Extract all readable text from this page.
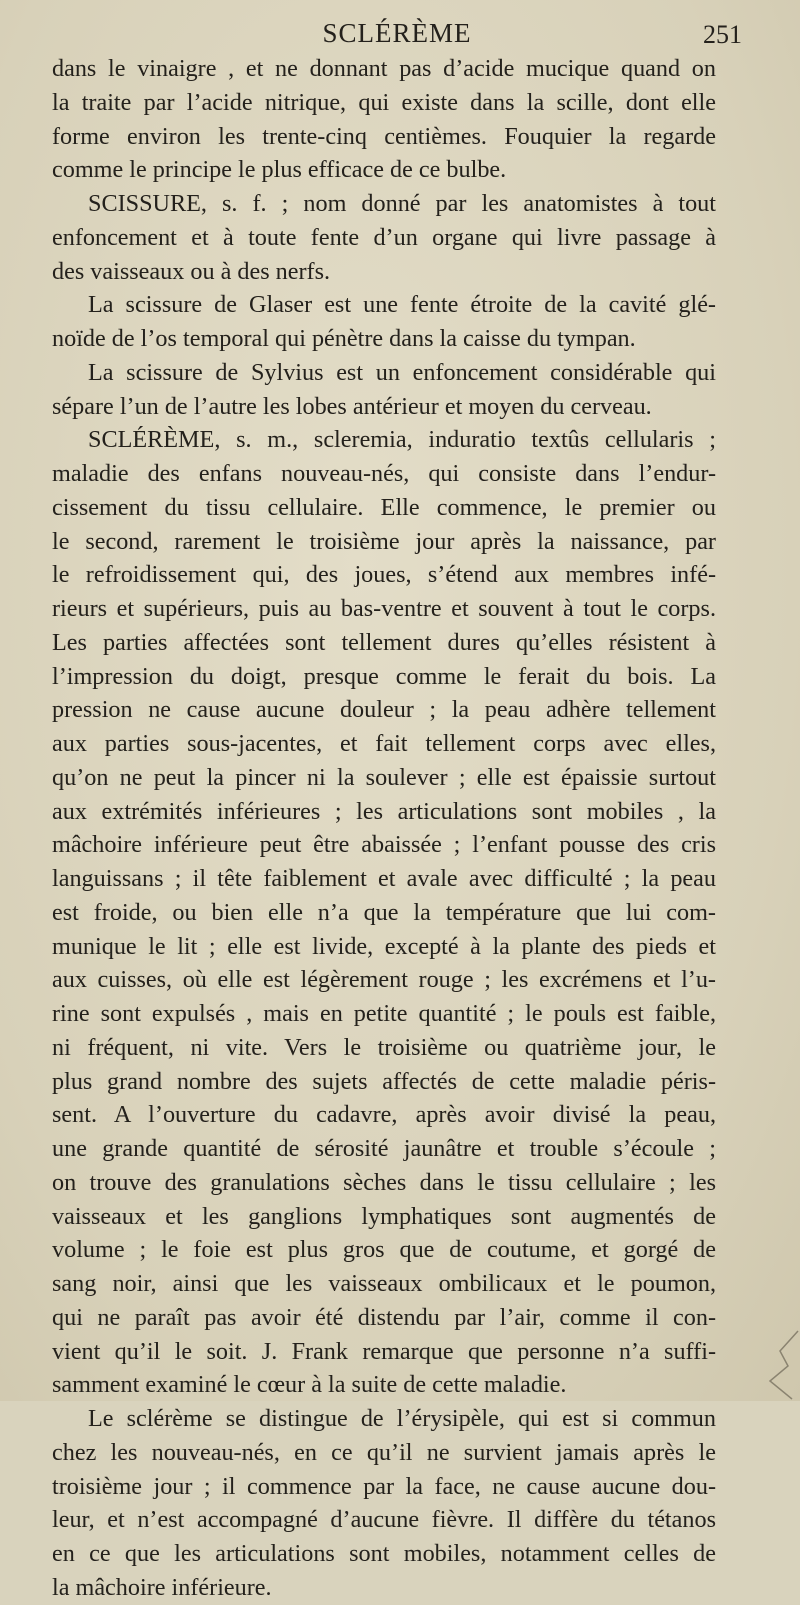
SCLÉRÈME	251
dans le vinaigre , et ne donnant pas d’acide mucique quand on
la traite par l’acide nitrique, qui existe dans la scille, dont elle
forme environ les trente-cinq centièmes. Fouquier la regarde
comme le principe le plus efficace de ce bulbe.
SCISSURE, s. f. ; nom donné par les anatomistes à tout
enfoncement et à toute fente d’un organe qui livre passage à
des vaisseaux ou à des nerfs.
La scissure de Glaser est une fente étroite de la cavité glé-
noïde de l’os temporal qui pénètre dans la caisse du tympan.
La scissure de Sylvius est un enfoncement considérable qui
sépare l’un de l’autre les lobes antérieur et moyen du cerveau.
SCLÉRÈME, s. m., scleremia, induratio textûs cellularis ;
maladie des enfans nouveau-nés, qui consiste dans l’endur-
cissement du tissu cellulaire. Elle commence, le premier ou
le second, rarement le troisième jour après la naissance, par
le refroidissement qui, des joues, s’étend aux membres infé-
rieurs et supérieurs, puis au bas-ventre et souvent à tout le corps.
Les parties affectées sont tellement dures qu’elles résistent à
l’impression du doigt, presque comme le ferait du bois. La
pression ne cause aucune douleur ; la peau adhère tellement
aux parties sous-jacentes, et fait tellement corps avec elles,
qu’on ne peut la pincer ni la soulever ; elle est épaissie surtout
aux extrémités inférieures ; les articulations sont mobiles , la
mâchoire inférieure peut être abaissée ; l’enfant pousse des cris
languissans ; il tête faiblement et avale avec difficulté ; la peau
est froide, ou bien elle n’a que la température que lui com-
munique le lit ; elle est livide, excepté à la plante des pieds et
aux cuisses, où elle est légèrement rouge ; les excrémens et l’u-
rine sont expulsés , mais en petite quantité ; le pouls est faible,
ni fréquent, ni vite. Vers le troisième ou quatrième jour, le
plus grand nombre des sujets affectés de cette maladie péris-
sent. A l’ouverture du cadavre, après avoir divisé la peau,
une grande quantité de sérosité jaunâtre et trouble s’écoule ;
on trouve des granulations sèches dans le tissu cellulaire ; les
vaisseaux et les ganglions lymphatiques sont augmentés de
volume ; le foie est plus gros que de coutume, et gorgé de
sang noir, ainsi que les vaisseaux ombilicaux et le poumon,
qui ne paraît pas avoir été distendu par l’air, comme il con-
vient qu’il le soit. J. Frank remarque que personne n’a suffi-
samment examiné le cœur à la suite de cette maladie.
Le sclérème se distingue de l’érysipèle, qui est si commun
chez les nouveau-nés, en ce qu’il ne survient jamais après le
troisième jour ; il commence par la face, ne cause aucune dou-
leur, et n’est accompagné d’aucune fièvre. Il diffère du tétanos
en ce que les articulations sont mobiles, notamment celles de
la mâchoire inférieure.
